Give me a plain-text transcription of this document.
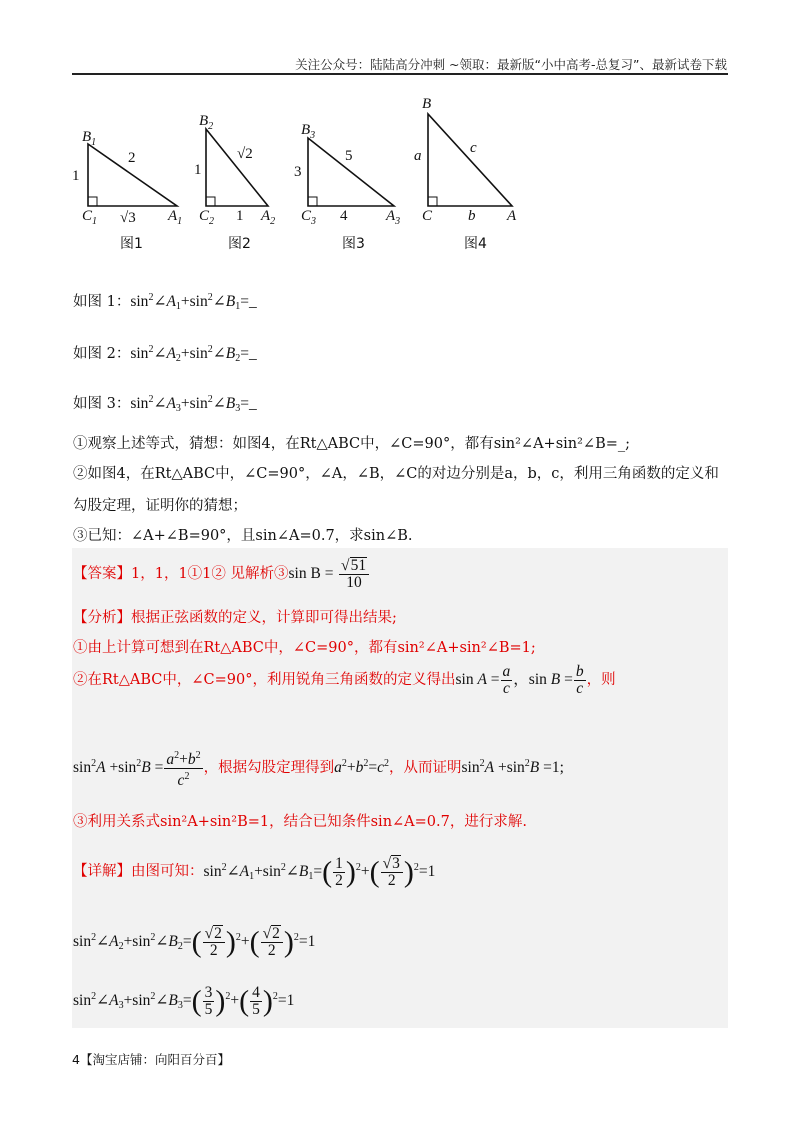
关注公众号：陆陆高分冲刺 ~领取：最新版“小中高考-总复习”、最新试卷下载
$B_1$
1
2
$C_1$ √3 $A_1$
图1
$B_2$
1
√2
$C_2$ 1 $A_2$
图2
$B_3$
3
5
$C_3$ 4	$A_3$
图3
B
a	c
C b A
图4
如图 1：$\sin^2\angle A_1+\sin^2\angle B_1=\_$
如图 2：$\sin^2\angle A_2+\sin^2\angle B_2=\_$
如图 3：$\sin^2\angle A_3+\sin^2\angle B_3=\_$
①观察上述等式，猜想：如图4，在Rt△ABC中，∠C=90°，都有sin²∠A+sin²∠B=_;
②如图4，在Rt△ABC中，∠C=90°，∠A，∠B，∠C的对边分别是a，b，c，利用三角函数的定义和
勾股定理，证明你的猜想；
③已知：∠A+∠B=90°，且sin∠A=0.7，求sin∠B.
【答案】1，1，1①1② 见解析③sin $B = \frac{√51}{10}$
【分析】根据正弦函数的定义，计算即可得出结果;
①由上计算可想到在Rt△ABC中，∠C=90°，都有sin²∠A+sin²∠B=1;
②在Rt△ABC中，∠C=90°，利用锐角三角函数的定义得出$\sin A = \frac{a}{c}$ ，$\sin B = \frac{b}{c}$ ，则
$\sin^2A +\sin^2B = \frac{a^2+b^2}{c^2}$ ，根据勾股定理得到$a^2+b^2=c^2$，从而证明$\sin^2A +\sin^2B =1$;
③利用关系式sin²A+sin²B=1，结合已知条件sin∠A=0.7，进行求解.
【详解】由图可知：$\sin^2\angle A_1+\sin^2\angle B_1=( \frac{1}{2} )^2+( \frac{√3}{2} )^2=1$
$\sin^2\angle A_2+\sin^2\angle B_2=( \frac{√2}{2} )^2+( \frac{√2}{2} )^2=1$
$\sin^2\angle A_3+\sin^2\angle B_3=( \frac{3}{5} )^2+( \frac{4}{5} )^2=1$
4【淘宝店铺：向阳百分百】
